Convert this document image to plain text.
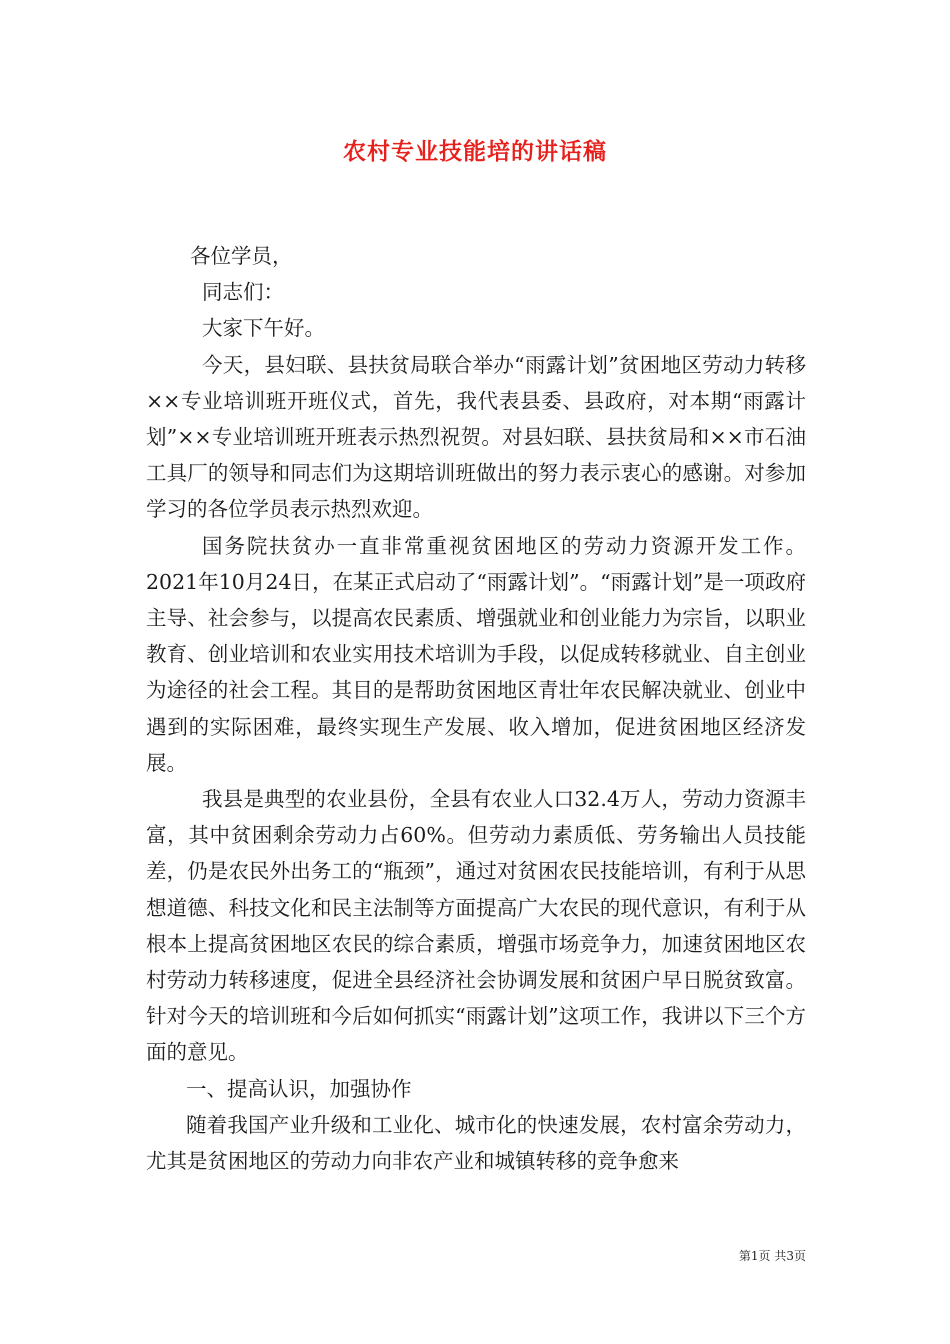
农村专业技能培的讲话稿

各位学员，

同志们：

大家下午好。

今天，县妇联、县扶贫局联合举办“雨露计划”贫困地区劳动力转移××专业培训班开班仪式，首先，我代表县委、县政府，对本期“雨露计划”××专业培训班开班表示热烈祝贺。对县妇联、县扶贫局和××市石油工具厂的领导和同志们为这期培训班做出的努力表示衷心的感谢。对参加学习的各位学员表示热烈欢迎。

国务院扶贫办一直非常重视贫困地区的劳动力资源开发工作。2021年10月24日，在某正式启动了“雨露计划”。“雨露计划”是一项政府主导、社会参与，以提高农民素质、增强就业和创业能力为宗旨，以职业教育、创业培训和农业实用技术培训为手段，以促成转移就业、自主创业为途径的社会工程。其目的是帮助贫困地区青壮年农民解决就业、创业中遇到的实际困难，最终实现生产发展、收入增加，促进贫困地区经济发展。

我县是典型的农业县份，全县有农业人口32.4万人，劳动力资源丰富，其中贫困剩余劳动力占60%。但劳动力素质低、劳务输出人员技能差，仍是农民外出务工的“瓶颈”，通过对贫困农民技能培训，有利于从思想道德、科技文化和民主法制等方面提高广大农民的现代意识，有利于从根本上提高贫困地区农民的综合素质，增强市场竞争力，加速贫困地区农村劳动力转移速度，促进全县经济社会协调发展和贫困户早日脱贫致富。针对今天的培训班和今后如何抓实“雨露计划”这项工作，我讲以下三个方面的意见。

一、提高认识，加强协作

随着我国产业升级和工业化、城市化的快速发展，农村富余劳动力，尤其是贫困地区的劳动力向非农产业和城镇转移的竞争愈来

第1页 共3页
